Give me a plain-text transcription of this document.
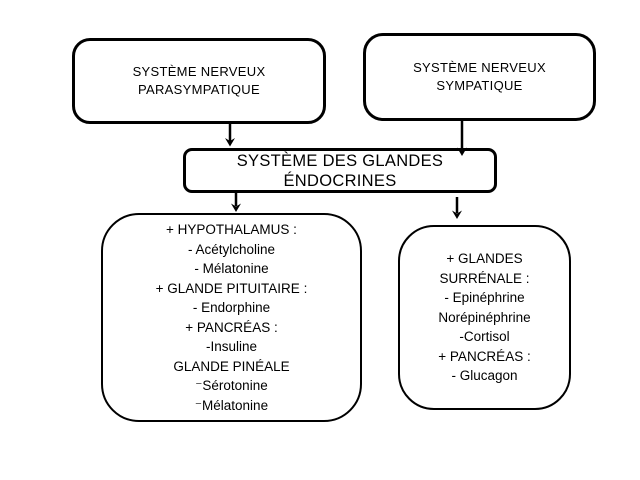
SYSTÈME NERVEUX
PARASYMPATIQUE
SYSTÈME NERVEUX
SYMPATIQUE
SYSTÈME DES GLANDES
ÉNDOCRINES
+ HYPOTHALAMUS :
- Acétylcholine
- Mélatonine
+ GLANDE PITUITAIRE :
- Endorphine
+ PANCRÉAS :
-Insuline
GLANDE PINÉALE
⁻Sérotonine
⁻Mélatonine
+ GLANDES
SURRÉNALE :
- Epinéphrine
Norépinéphrine
-Cortisol
+ PANCRÉAS :
- Glucagon
